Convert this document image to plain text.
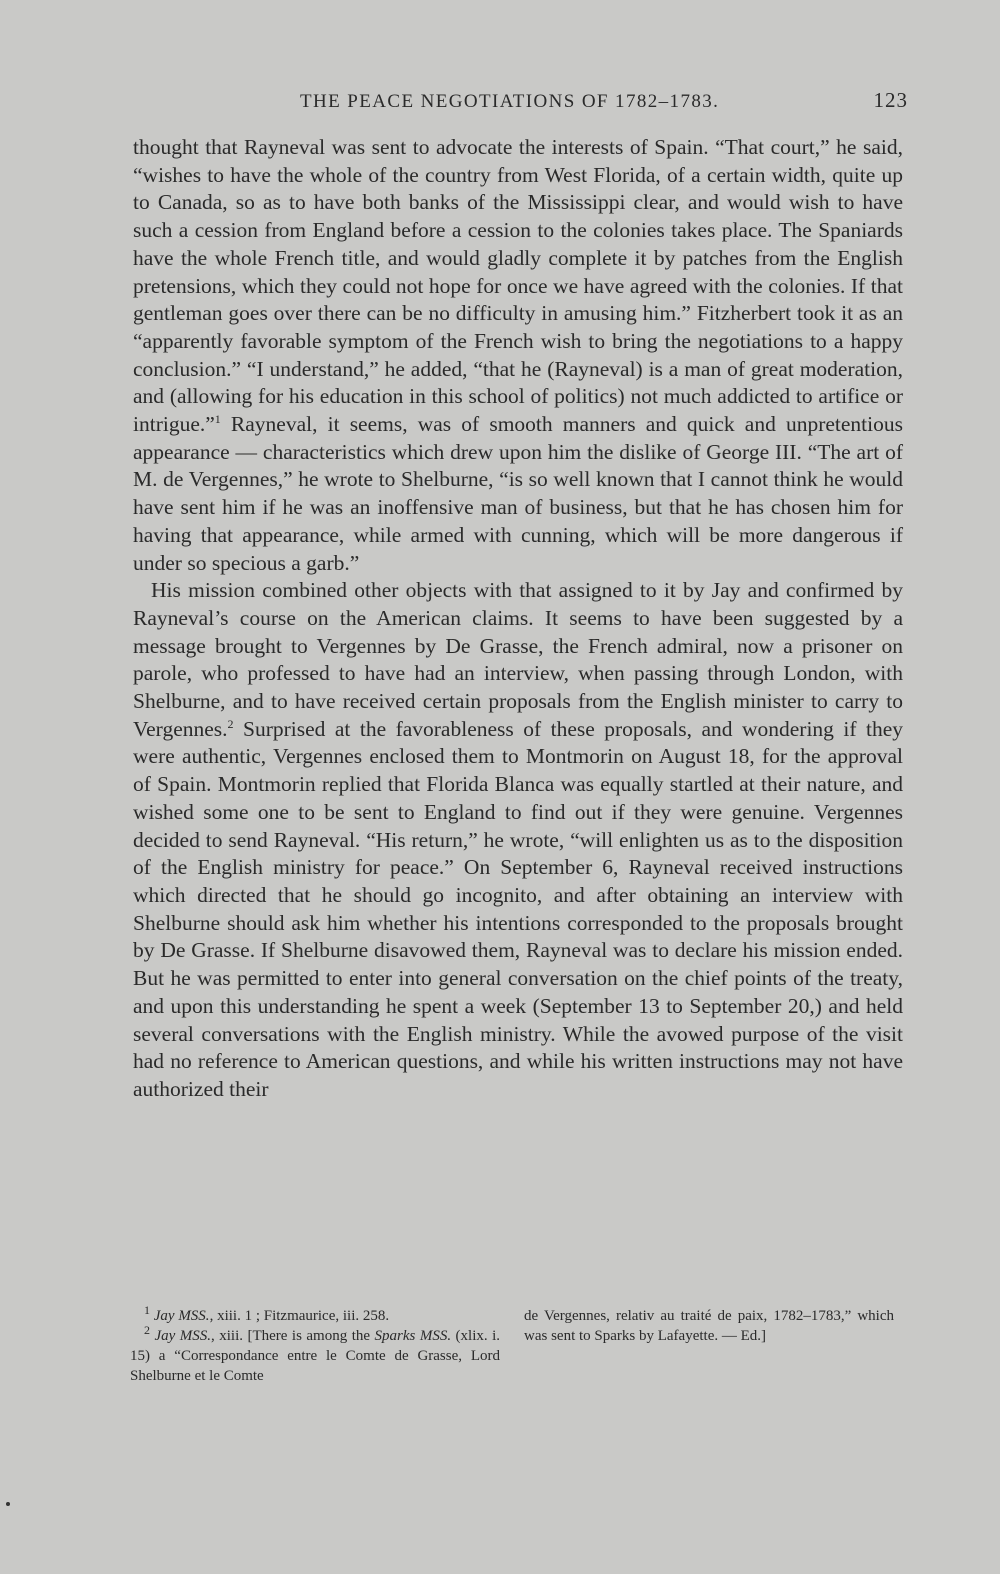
THE PEACE NEGOTIATIONS OF 1782–1783.	123

thought that Rayneval was sent to advocate the interests of Spain. “That court,” he said, “wishes to have the whole of the country from West Florida, of a certain width, quite up to Canada, so as to have both banks of the Mississippi clear, and would wish to have such a cession from England before a cession to the colonies takes place. The Spaniards have the whole French title, and would gladly complete it by patches from the English pretensions, which they could not hope for once we have agreed with the colonies. If that gentleman goes over there can be no difficulty in amusing him.” Fitzherbert took it as an “apparently favorable symptom of the French wish to bring the negotiations to a happy conclusion.” “I understand,” he added, “that he (Rayneval) is a man of great moderation, and (allowing for his education in this school of politics) not much addicted to artifice or intrigue.”$^1$ Rayneval, it seems, was of smooth manners and quick and unpretentious appearance — characteristics which drew upon him the dislike of George III. “The art of M. de Vergennes,” he wrote to Shelburne, “is so well known that I cannot think he would have sent him if he was an inoffensive man of business, but that he has chosen him for having that appearance, while armed with cunning, which will be more dangerous if under so specious a garb.”

His mission combined other objects with that assigned to it by Jay and confirmed by Rayneval’s course on the American claims. It seems to have been suggested by a message brought to Vergennes by De Grasse, the French admiral, now a prisoner on parole, who professed to have had an interview, when passing through London, with Shelburne, and to have received certain proposals from the English minister to carry to Vergennes.$^2$ Surprised at the favorableness of these proposals, and wondering if they were authentic, Vergennes enclosed them to Montmorin on August 18, for the approval of Spain. Montmorin replied that Florida Blanca was equally startled at their nature, and wished some one to be sent to England to find out if they were genuine. Vergennes decided to send Rayneval. “His return,” he wrote, “will enlighten us as to the disposition of the English ministry for peace.” On September 6, Rayneval received instructions which directed that he should go incognito, and after obtaining an interview with Shelburne should ask him whether his intentions corresponded to the proposals brought by De Grasse. If Shelburne disavowed them, Rayneval was to declare his mission ended. But he was permitted to enter into general conversation on the chief points of the treaty, and upon this understanding he spent a week (September 13 to September 20,) and held several conversations with the English ministry. While the avowed purpose of the visit had no reference to American questions, and while his written instructions may not have authorized their

$^1$ Jay MSS., xiii. 1 ; Fitzmaurice, iii. 258.

$^2$ Jay MSS., xiii. [There is among the Sparks MSS. (xlix. i. 15) a “Correspondance entre le Comte de Grasse, Lord Shelburne et le Comte

de Vergennes, relativ au traité de paix, 1782–1783,” which was sent to Sparks by Lafayette. — Ed.]
